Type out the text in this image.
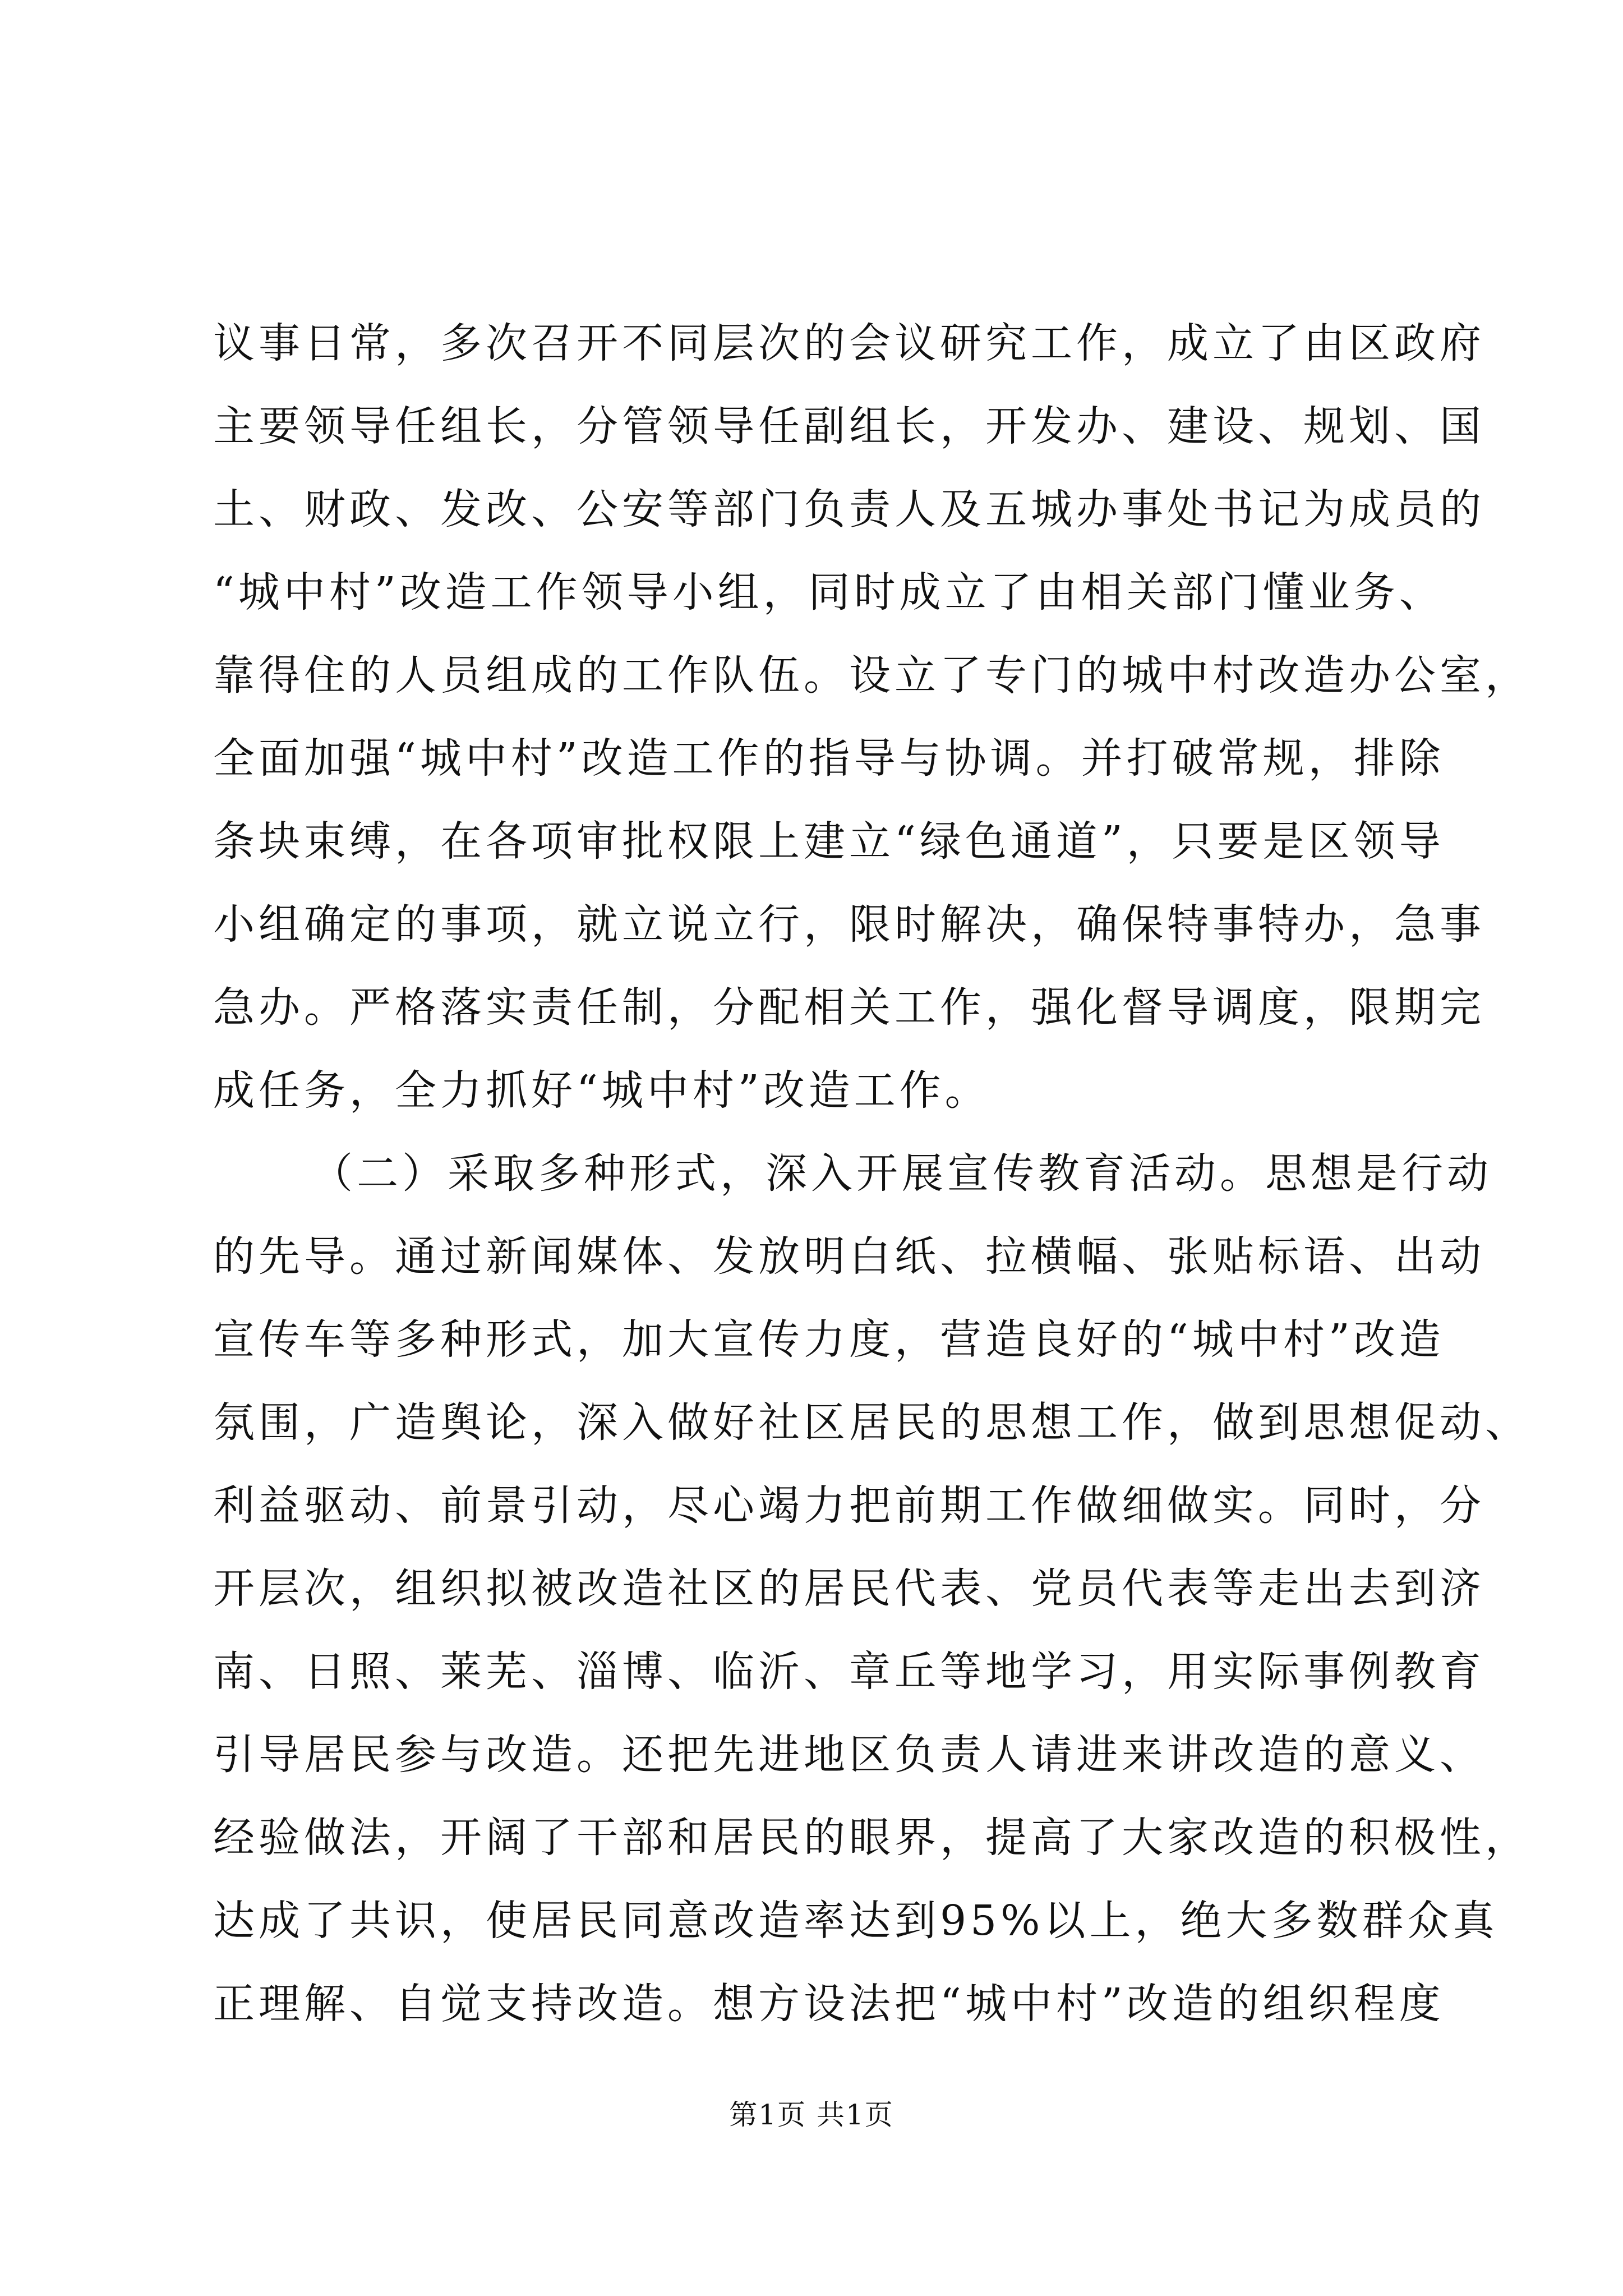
议事日常，多次召开不同层次的会议研究工作，成立了由区政府
主要领导任组长，分管领导任副组长，开发办、建设、规划、国
土、财政、发改、公安等部门负责人及五城办事处书记为成员的
“城中村”改造工作领导小组，同时成立了由相关部门懂业务、
靠得住的人员组成的工作队伍。设立了专门的城中村改造办公室，
全面加强“城中村”改造工作的指导与协调。并打破常规，排除
条块束缚，在各项审批权限上建立“绿色通道”，只要是区领导
小组确定的事项，就立说立行，限时解决，确保特事特办，急事
急办。严格落实责任制，分配相关工作，强化督导调度，限期完
成任务，全力抓好“城中村”改造工作。
（二）采取多种形式，深入开展宣传教育活动。思想是行动
的先导。通过新闻媒体、发放明白纸、拉横幅、张贴标语、出动
宣传车等多种形式，加大宣传力度，营造良好的“城中村”改造
氛围，广造舆论，深入做好社区居民的思想工作，做到思想促动、
利益驱动、前景引动，尽心竭力把前期工作做细做实。同时，分
开层次，组织拟被改造社区的居民代表、党员代表等走出去到济
南、日照、莱芜、淄博、临沂、章丘等地学习，用实际事例教育
引导居民参与改造。还把先进地区负责人请进来讲改造的意义、
经验做法，开阔了干部和居民的眼界，提高了大家改造的积极性，
达成了共识，使居民同意改造率达到95%以上，绝大多数群众真
正理解、自觉支持改造。想方设法把“城中村”改造的组织程度
第1页 共1页
